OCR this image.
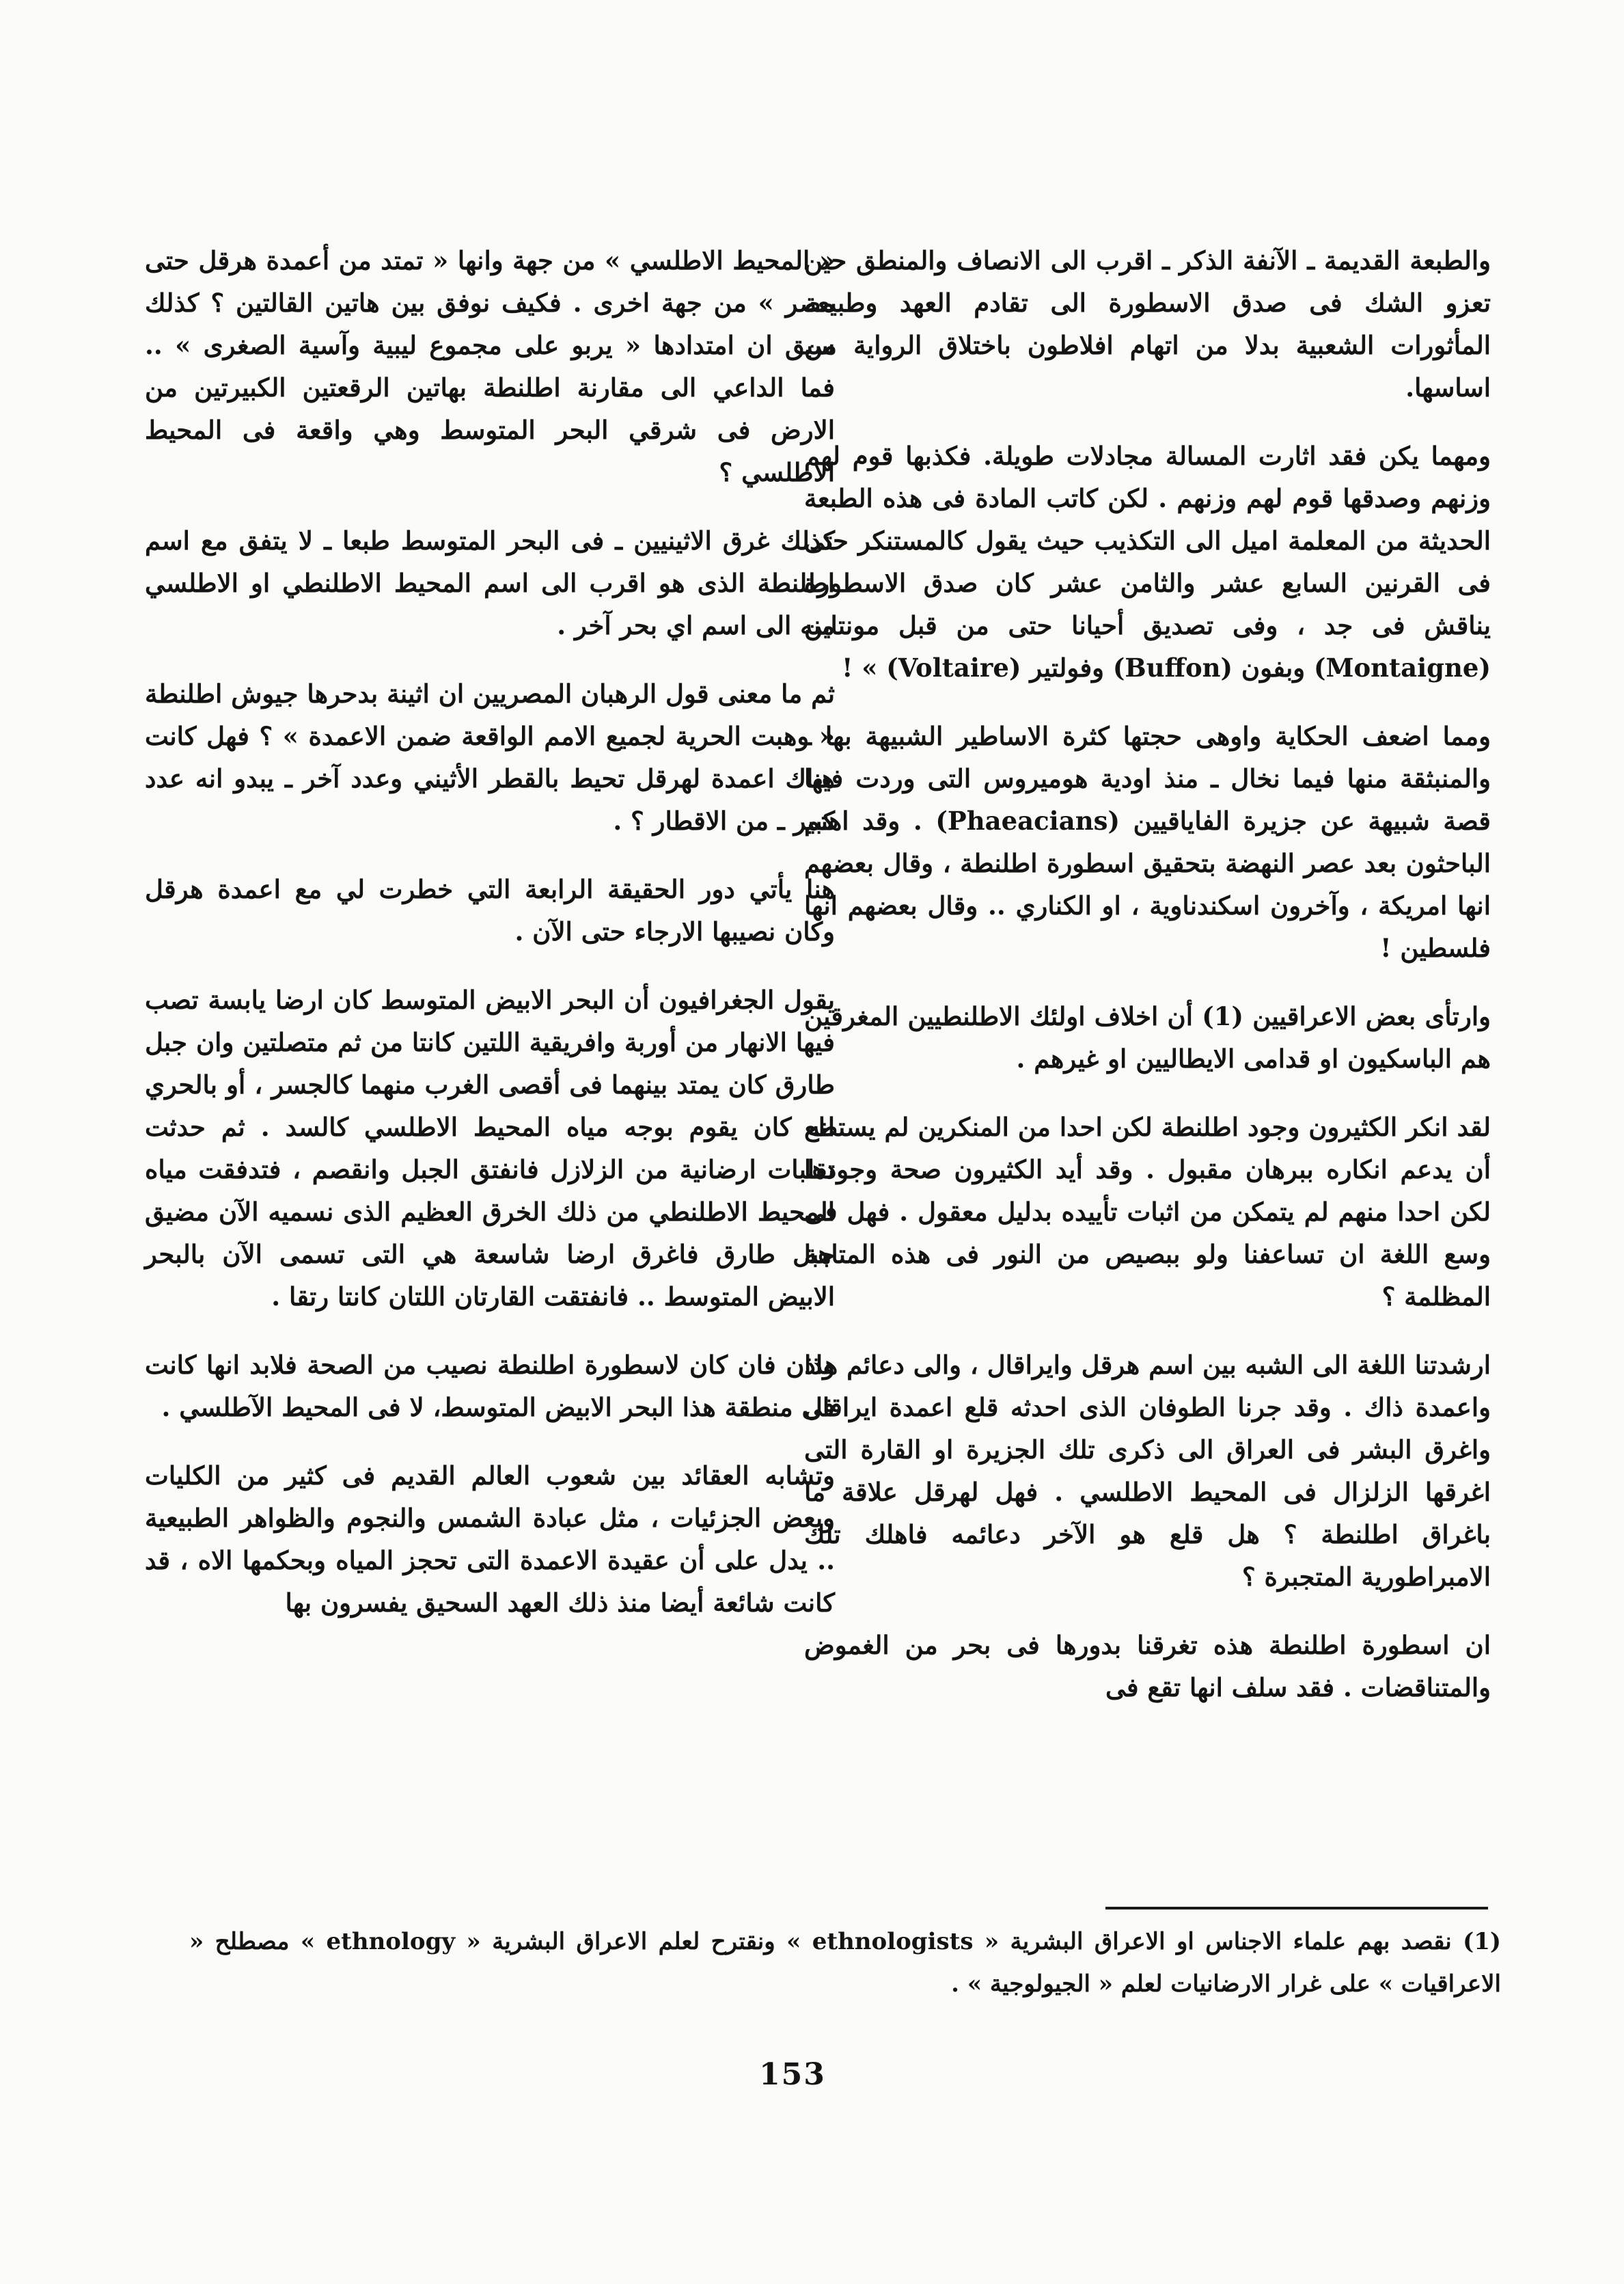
والطبعة القديمة ـ الآنفة الذكر ـ اقرب الى الانصاف والمنطق حين تعزو الشك فى صدق الاسطورة الى تقادم العهد وطبيعة المأثورات الشعبية بدلا من اتهام افلاطون باختلاق الرواية من اساسها.

ومهما يكن فقد اثارت المسالة مجادلات طويلة. فكذبها قوم لهم وزنهم وصدقها قوم لهم وزنهم . لكن كاتب المادة فى هذه الطبعة الحديثة من المعلمة اميل الى التكذيب حيث يقول كالمستنكر حتى فى القرنين السابع عشر والثامن عشر كان صدق الاسطورة يناقش فى جد ، وفى تصديق أحيانا حتى من قبل مونتاين (Montaigne) وبفون (Buffon) وفولتير (Voltaire) » !

ومما اضعف الحكاية واوهى حجتها كثرة الاساطير الشبيهة بها ـ والمنبثقة منها فيما نخال ـ منذ اودية هوميروس التى وردت فيها قصة شبيهة عن جزيرة الفاياقيين (Phaeacians) . وقد اهتم الباحثون بعد عصر النهضة بتحقيق اسطورة اطلنطة ، وقال بعضهم انها امريكة ، وآخرون اسكندناوية ، او الكناري .. وقال بعضهم انها فلسطين !

وارتأى بعض الاعراقيين (1) أن اخلاف اولئك الاطلنطيين المغرقين هم الباسكيون او قدامى الايطاليين او غيرهم .

لقد انكر الكثيرون وجود اطلنطة لكن احدا من المنكرين لم يستطع أن يدعم انكاره ببرهان مقبول . وقد أيد الكثيرون صحة وجودها لكن احدا منهم لم يتمكن من اثبات تأييده بدليل معقول . فهل فى وسع اللغة ان تساعفنا ولو ببصيص من النور فى هذه المتاهة المظلمة ؟

ارشدتنا اللغة الى الشبه بين اسم هرقل وايراقال ، والى دعائم هذا واعمدة ذاك . وقد جرنا الطوفان الذى احدثه قلع اعمدة ايراقال واغرق البشر فى العراق الى ذكرى تلك الجزيرة او القارة التى اغرقها الزلزال فى المحيط الاطلسي . فهل لهرقل علاقة ما باغراق اطلنطة ؟ هل قلع هو الآخر دعائمه فاهلك تلك الامبراطورية المتجبرة ؟

ان اسطورة اطلنطة هذه تغرقنا بدورها فى بحر من الغموض والمتناقضات . فقد سلف انها تقع فى

« المحيط الاطلسي » من جهة وانها « تمتد من أعمدة هرقل حتى مصر » من جهة اخرى . فكيف نوفق بين هاتين القالتين ؟ كذلك سبق ان امتدادها « يربو على مجموع ليبية وآسية الصغرى » .. فما الداعي الى مقارنة اطلنطة بهاتين الرقعتين الكبيرتين من الارض فى شرقي البحر المتوسط وهي واقعة فى المحيط الاطلسي ؟

كذلك غرق الاثينيين ـ فى البحر المتوسط طبعا ـ لا يتفق مع اسم اطلنطة الذى هو اقرب الى اسم المحيط الاطلنطي او الاطلسي منه الى اسم اي بحر آخر .

ثم ما معنى قول الرهبان المصريين ان اثينة بدحرها جيوش اطلنطة « وهبت الحرية لجميع الامم الواقعة ضمن الاعمدة » ؟ فهل كانت هناك اعمدة لهرقل تحيط بالقطر الأثيني وعدد آخر ـ يبدو انه عدد كبير ـ من الاقطار ؟ .

هنا يأتي دور الحقيقة الرابعة التي خطرت لي مع اعمدة هرقل وكان نصيبها الارجاء حتى الآن .

يقول الجغرافيون أن البحر الابيض المتوسط كان ارضا يابسة تصب فيها الانهار من أوربة وافريقية اللتين كانتا من ثم متصلتين وان جبل طارق كان يمتد بينهما فى أقصى الغرب منهما كالجسر ، أو بالحري انه كان يقوم بوجه مياه المحيط الاطلسي كالسد . ثم حدثت تقلبات ارضانية من الزلازل فانفتق الجبل وانقصم ، فتدفقت مياه المحيط الاطلنطي من ذلك الخرق العظيم الذى نسميه الآن مضيق جبل طارق فاغرق ارضا شاسعة هي التى تسمى الآن بالبحر الابيض المتوسط .. فانفتقت القارتان اللتان كانتا رتقا .

واذن فان كان لاسطورة اطلنطة نصيب من الصحة فلابد انها كانت فى منطقة هذا البحر الابيض المتوسط، لا فى المحيط الآطلسي .

وتشابه العقائد بين شعوب العالم القديم فى كثير من الكليات وبعض الجزئيات ، مثل عبادة الشمس والنجوم والظواهر الطبيعية .. يدل على أن عقيدة الاعمدة التى تحجز المياه وبحكمها الاه ، قد كانت شائعة أيضا منذ ذلك العهد السحيق يفسرون بها

(1) نقصد بهم علماء الاجناس او الاعراق البشرية « ethnologists » ونقترح لعلم الاعراق البشرية « ethnology » مصطلح « الاعراقيات » على غرار الارضانيات لعلم « الجيولوجية » .

153
